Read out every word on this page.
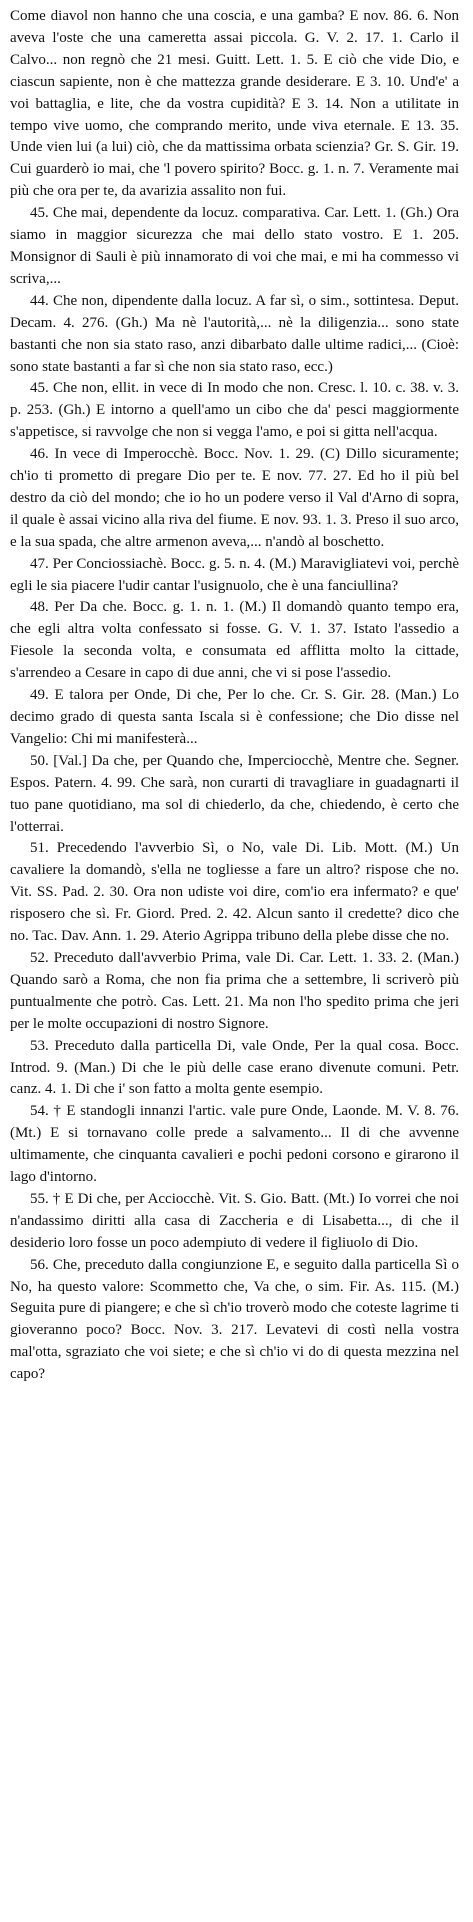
Come diavol non hanno che una coscia, e una gamba? E nov. 86. 6. Non aveva l'oste che una cameretta assai piccola. G. V. 2. 17. 1. Carlo il Calvo... non regnò che 21 mesi. Guitt. Lett. 1. 5. E ciò che vide Dio, e ciascun sapiente, non è che mattezza grande desiderare. E 3. 10. Und'e' a voi battaglia, e lite, che da vostra cupidità? E 3. 14. Non a utilitate in tempo vive uomo, che comprando merito, unde viva eternale. E 13. 35. Unde vien lui (a lui) ciò, che da mattissima orbata scienzia? Gr. S. Gir. 19. Cui guarderò io mai, che 'l povero spirito? Bocc. g. 1. n. 7. Veramente mai più che ora per te, da avarizia assalito non fui.

45. Che mai, dependente da locuz. comparativa. Car. Lett. 1. (Gh.) Ora siamo in maggior sicurezza che mai dello stato vostro. E 1. 205. Monsignor di Sauli è più innamorato di voi che mai, e mi ha commesso vi scriva,...

44. Che non, dipendente dalla locuz. A far sì, o sim., sottintesa. Deput. Decam. 4. 276. (Gh.) Ma nè l'autorità,... nè la diligenzia... sono state bastanti che non sia stato raso, anzi dibarbato dalle ultime radici,... (Cioè: sono state bastanti a far sì che non sia stato raso, ecc.)

45. Che non, ellit. in vece di In modo che non. Cresc. l. 10. c. 38. v. 3. p. 253. (Gh.) E intorno a quell'amo un cibo che da' pesci maggiormente s'appetisce, si ravvolge che non si vegga l'amo, e poi si gitta nell'acqua.

46. In vece di Imperocchè. Bocc. Nov. 1. 29. (C) Dillo sicuramente; ch'io ti prometto di pregare Dio per te. E nov. 77. 27. Ed ho il più bel destro da ciò del mondo; che io ho un podere verso il Val d'Arno di sopra, il quale è assai vicino alla riva del fiume. E nov. 93. 1. 3. Preso il suo arco, e la sua spada, che altre armenon aveva,... n'andò al boschetto.

47. Per Conciossiachè. Bocc. g. 5. n. 4. (M.) Maravigliatevi voi, perchè egli le sia piacere l'udir cantar l'usignuolo, che è una fanciullina?

48. Per Da che. Bocc. g. 1. n. 1. (M.) Il domandò quanto tempo era, che egli altra volta confessato si fosse. G. V. 1. 37. Istato l'assedio a Fiesole la seconda volta, e consumata ed afflitta molto la cittade, s'arrendeo a Cesare in capo di due anni, che vi si pose l'assedio.

49. E talora per Onde, Di che, Per lo che. Cr. S. Gir. 28. (Man.) Lo decimo grado di questa santa Iscala si è confessione; che Dio disse nel Vangelio: Chi mi manifesterà...

50. [Val.] Da che, per Quando che, Imperciocchè, Mentre che. Segner. Espos. Patern. 4. 99. Che sarà, non curarti di travagliare in guadagnarti il tuo pane quotidiano, ma sol di chiederlo, da che, chiedendo, è certo che l'otterrai.

51. Precedendo l'avverbio Sì, o No, vale Di. Lib. Mott. (M.) Un cavaliere la domandò, s'ella ne togliesse a fare un altro? rispose che no. Vit. SS. Pad. 2. 30. Ora non udiste voi dire, com'io era infermato? e que' risposero che sì. Fr. Giord. Pred. 2. 42. Alcun santo il credette? dico che no. Tac. Dav. Ann. 1. 29. Aterio Agrippa tribuno della plebe disse che no.

52. Preceduto dall'avverbio Prima, vale Di. Car. Lett. 1. 33. 2. (Man.) Quando sarò a Roma, che non fia prima che a settembre, li scriverò più puntualmente che potrò. Cas. Lett. 21. Ma non l'ho spedito prima che jeri per le molte occupazioni di nostro Signore.

53. Preceduto dalla particella Di, vale Onde, Per la qual cosa. Bocc. Introd. 9. (Man.) Di che le più delle case erano divenute comuni. Petr. canz. 4. 1. Di che i' son fatto a molta gente esempio.

54. † E standogli innanzi l'artic. vale pure Onde, Laonde. M. V. 8. 76. (Mt.) E si tornavano colle prede a salvamento... Il di che avvenne ultimamente, che cinquanta cavalieri e pochi pedoni corsono e girarono il lago d'intorno.

55. † E Di che, per Acciocchè. Vit. S. Gio. Batt. (Mt.) Io vorrei che noi n'andassimo diritti alla casa di Zaccheria e di Lisabetta..., di che il desiderio loro fosse un poco adempiuto di vedere il figliuolo di Dio.

56. Che, preceduto dalla congiunzione E, e seguito dalla particella Sì o No, ha questo valore: Scommetto che, Va che, o sim. Fir. As. 115. (M.) Seguita pure di piangere; e che sì ch'io troverò modo che coteste lagrime ti gioveranno poco? Bocc. Nov. 3. 217. Levatevi di costì nella vostra mal'otta, sgraziato che voi siete; e che sì ch'io vi do di questa mezzina nel capo?
